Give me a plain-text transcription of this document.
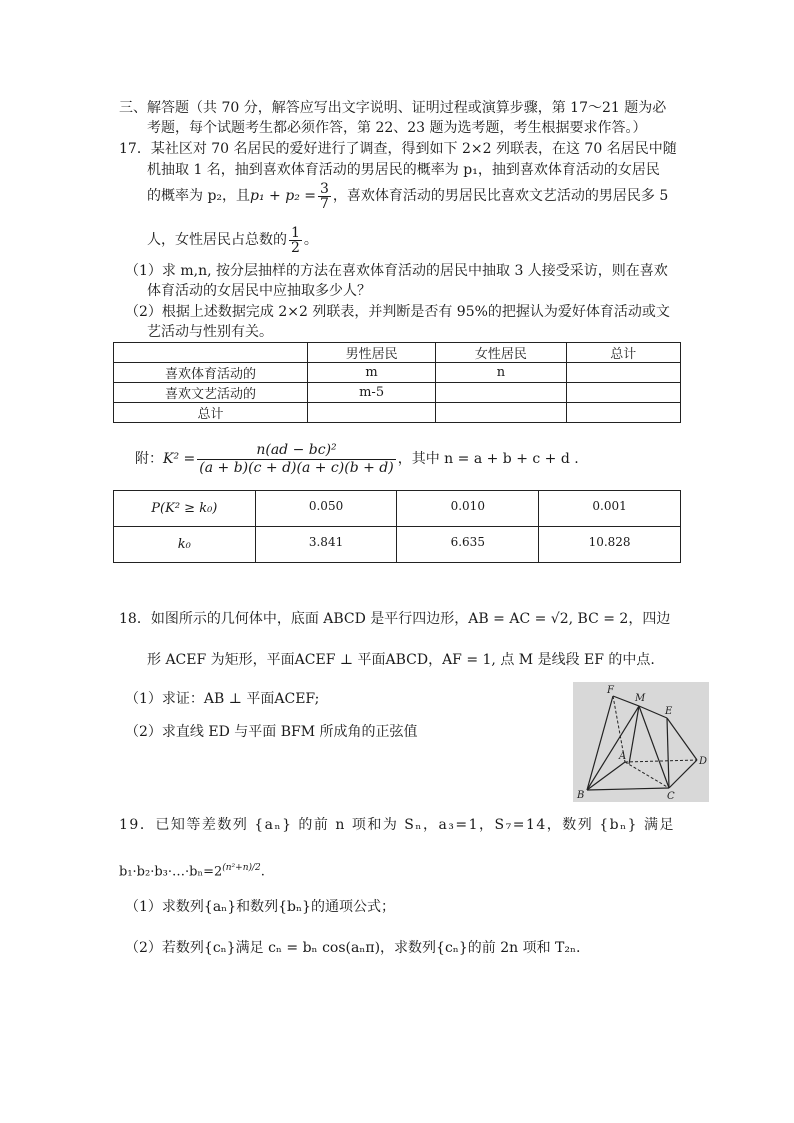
三、解答题（共 70 分，解答应写出文字说明、证明过程或演算步骤，第 17～21 题为必
考题，每个试题考生都必须作答，第 22、23 题为选考题，考生根据要求作答。）
17．某社区对 70 名居民的爱好进行了调查，得到如下 2×2 列联表，在这 70 名居民中随
机抽取 1 名，抽到喜欢体育活动的男居民的概率为 p₁，抽到喜欢体育活动的女居民
的概率为 p₂，且$p_1 + p_2 = \frac{3}{7}$ ，喜欢体育活动的男居民比喜欢文艺活动的男居民多 5
人，女性居民占总数的 $\frac{1}{2}$ 。
（1）求 m,n, 按分层抽样的方法在喜欢体育活动的居民中抽取 3 人接受采访，则在喜欢
体育活动的女居民中应抽取多少人？
（2）根据上述数据完成 2×2 列联表，并判断是否有 95%的把握认为爱好体育活动或文
艺活动与性别有关。
	男性居民	女性居民	总计
喜欢体育活动的	m	n	
喜欢文艺活动的	m-5		
总计			
附：$K^2 = \frac{\text{n(ad − bc)²}}{(a + b)(c + d)(a + c)(b + d)}$ ，其中 n = a + b + c + d .
P(K² ≥ k₀)	0.050	0.010	0.001
k₀	3.841	6.635	10.828
18．如图所示的几何体中，底面 ABCD 是平行四边形，AB = AC = √2, BC = 2，四边
形 ACEF 为矩形，平面ACEF ⊥ 平面ABCD，AF = 1, 点 M 是线段 EF 的中点.
（1）求证：AB ⊥ 平面ACEF;
（2）求直线 ED 与平面 BFM 所成角的正弦值
F
M
E
A	D
B	C
19．已知等差数列 {aₙ} 的前 n 项和为 Sₙ，a₃=1，S₇=14，数列 {bₙ} 满足
$b_1\cdot b_2\cdot b_3\cdot\dots\cdot b_n=2^{(n^2+n)/2}$.
（1）求数列{aₙ}和数列{bₙ}的通项公式；
（2）若数列{cₙ}满足 cₙ = bₙ cos(aₙπ)，求数列{cₙ}的前 2n 项和 T₂ₙ.
